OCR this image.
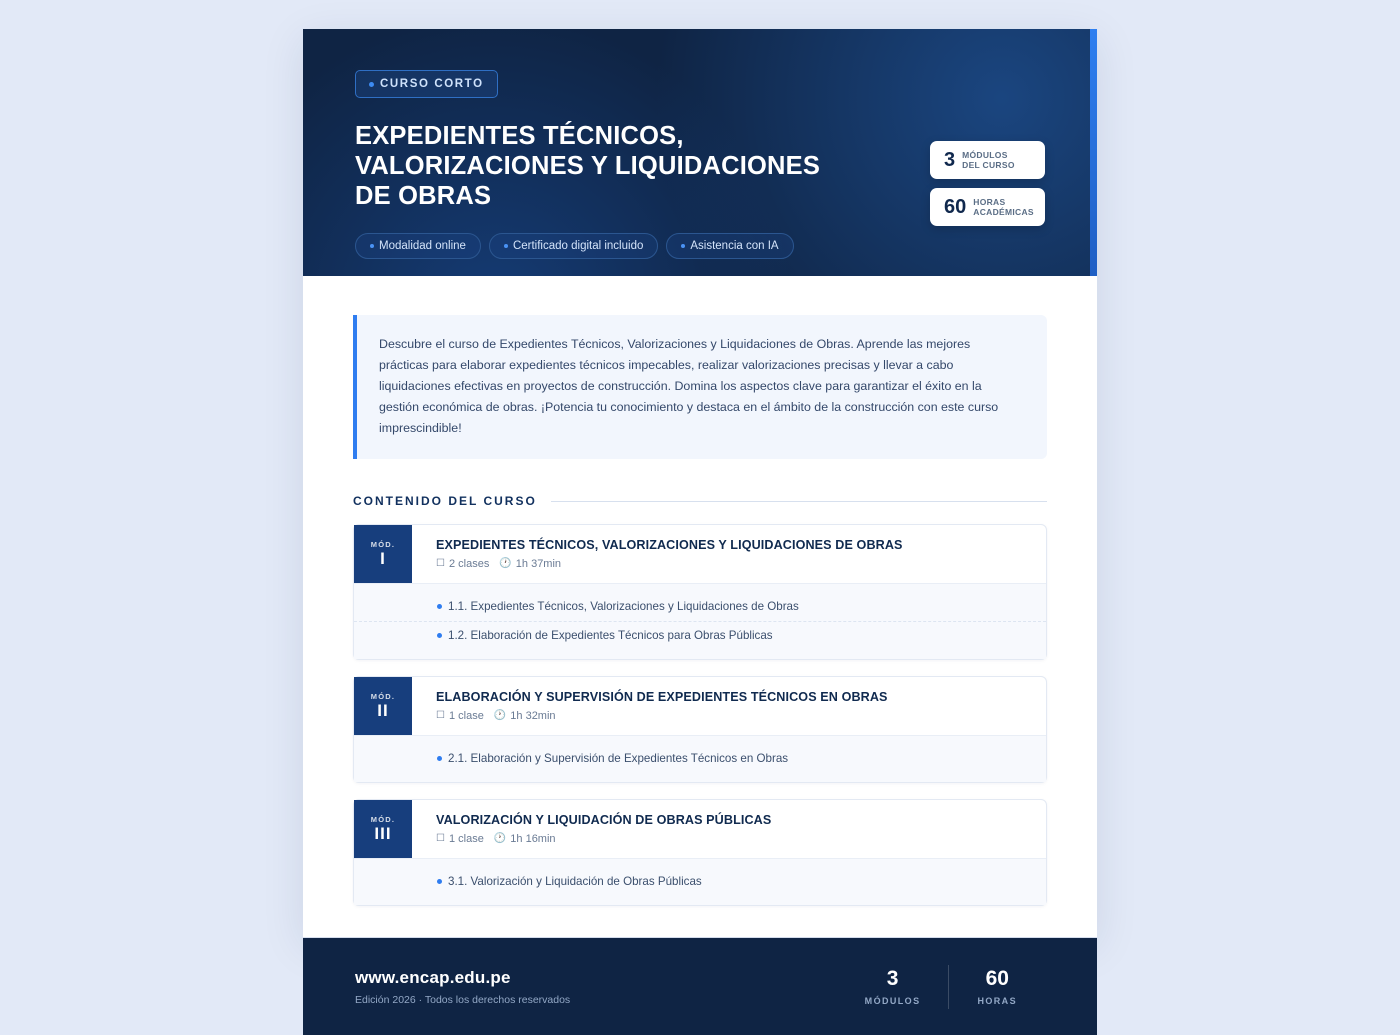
CURSO CORTO
EXPEDIENTES TÉCNICOS, VALORIZACIONES Y LIQUIDACIONES DE OBRAS
Modalidad online	Certificado digital incluido	Asistencia con IA
3 MÓDULOS
DEL CURSO
60 HORAS
ACADÉMICAS

Descubre el curso de Expedientes Técnicos, Valorizaciones y Liquidaciones de Obras. Aprende las mejores prácticas para elaborar expedientes técnicos impecables, realizar valorizaciones precisas y llevar a cabo liquidaciones efectivas en proyectos de construcción. Domina los aspectos clave para garantizar el éxito en la gestión económica de obras. ¡Potencia tu conocimiento y destaca en el ámbito de la construcción con este curso imprescindible!

CONTENIDO DEL CURSO
MÓD.
I
EXPEDIENTES TÉCNICOS, VALORIZACIONES Y LIQUIDACIONES DE OBRAS
☐ 2 clases 🕐 1h 37min
1.1. Expedientes Técnicos, Valorizaciones y Liquidaciones de Obras
1.2. Elaboración de Expedientes Técnicos para Obras Públicas
MÓD.
II
ELABORACIÓN Y SUPERVISIÓN DE EXPEDIENTES TÉCNICOS EN OBRAS
☐ 1 clase 🕐 1h 32min
2.1. Elaboración y Supervisión de Expedientes Técnicos en Obras
MÓD.
III
VALORIZACIÓN Y LIQUIDACIÓN DE OBRAS PÚBLICAS
☐ 1 clase 🕐 1h 16min
3.1. Valorización y Liquidación de Obras Públicas
www.encap.edu.pe
Edición 2026 · Todos los derechos reservados
3
MÓDULOS
60
HORAS
